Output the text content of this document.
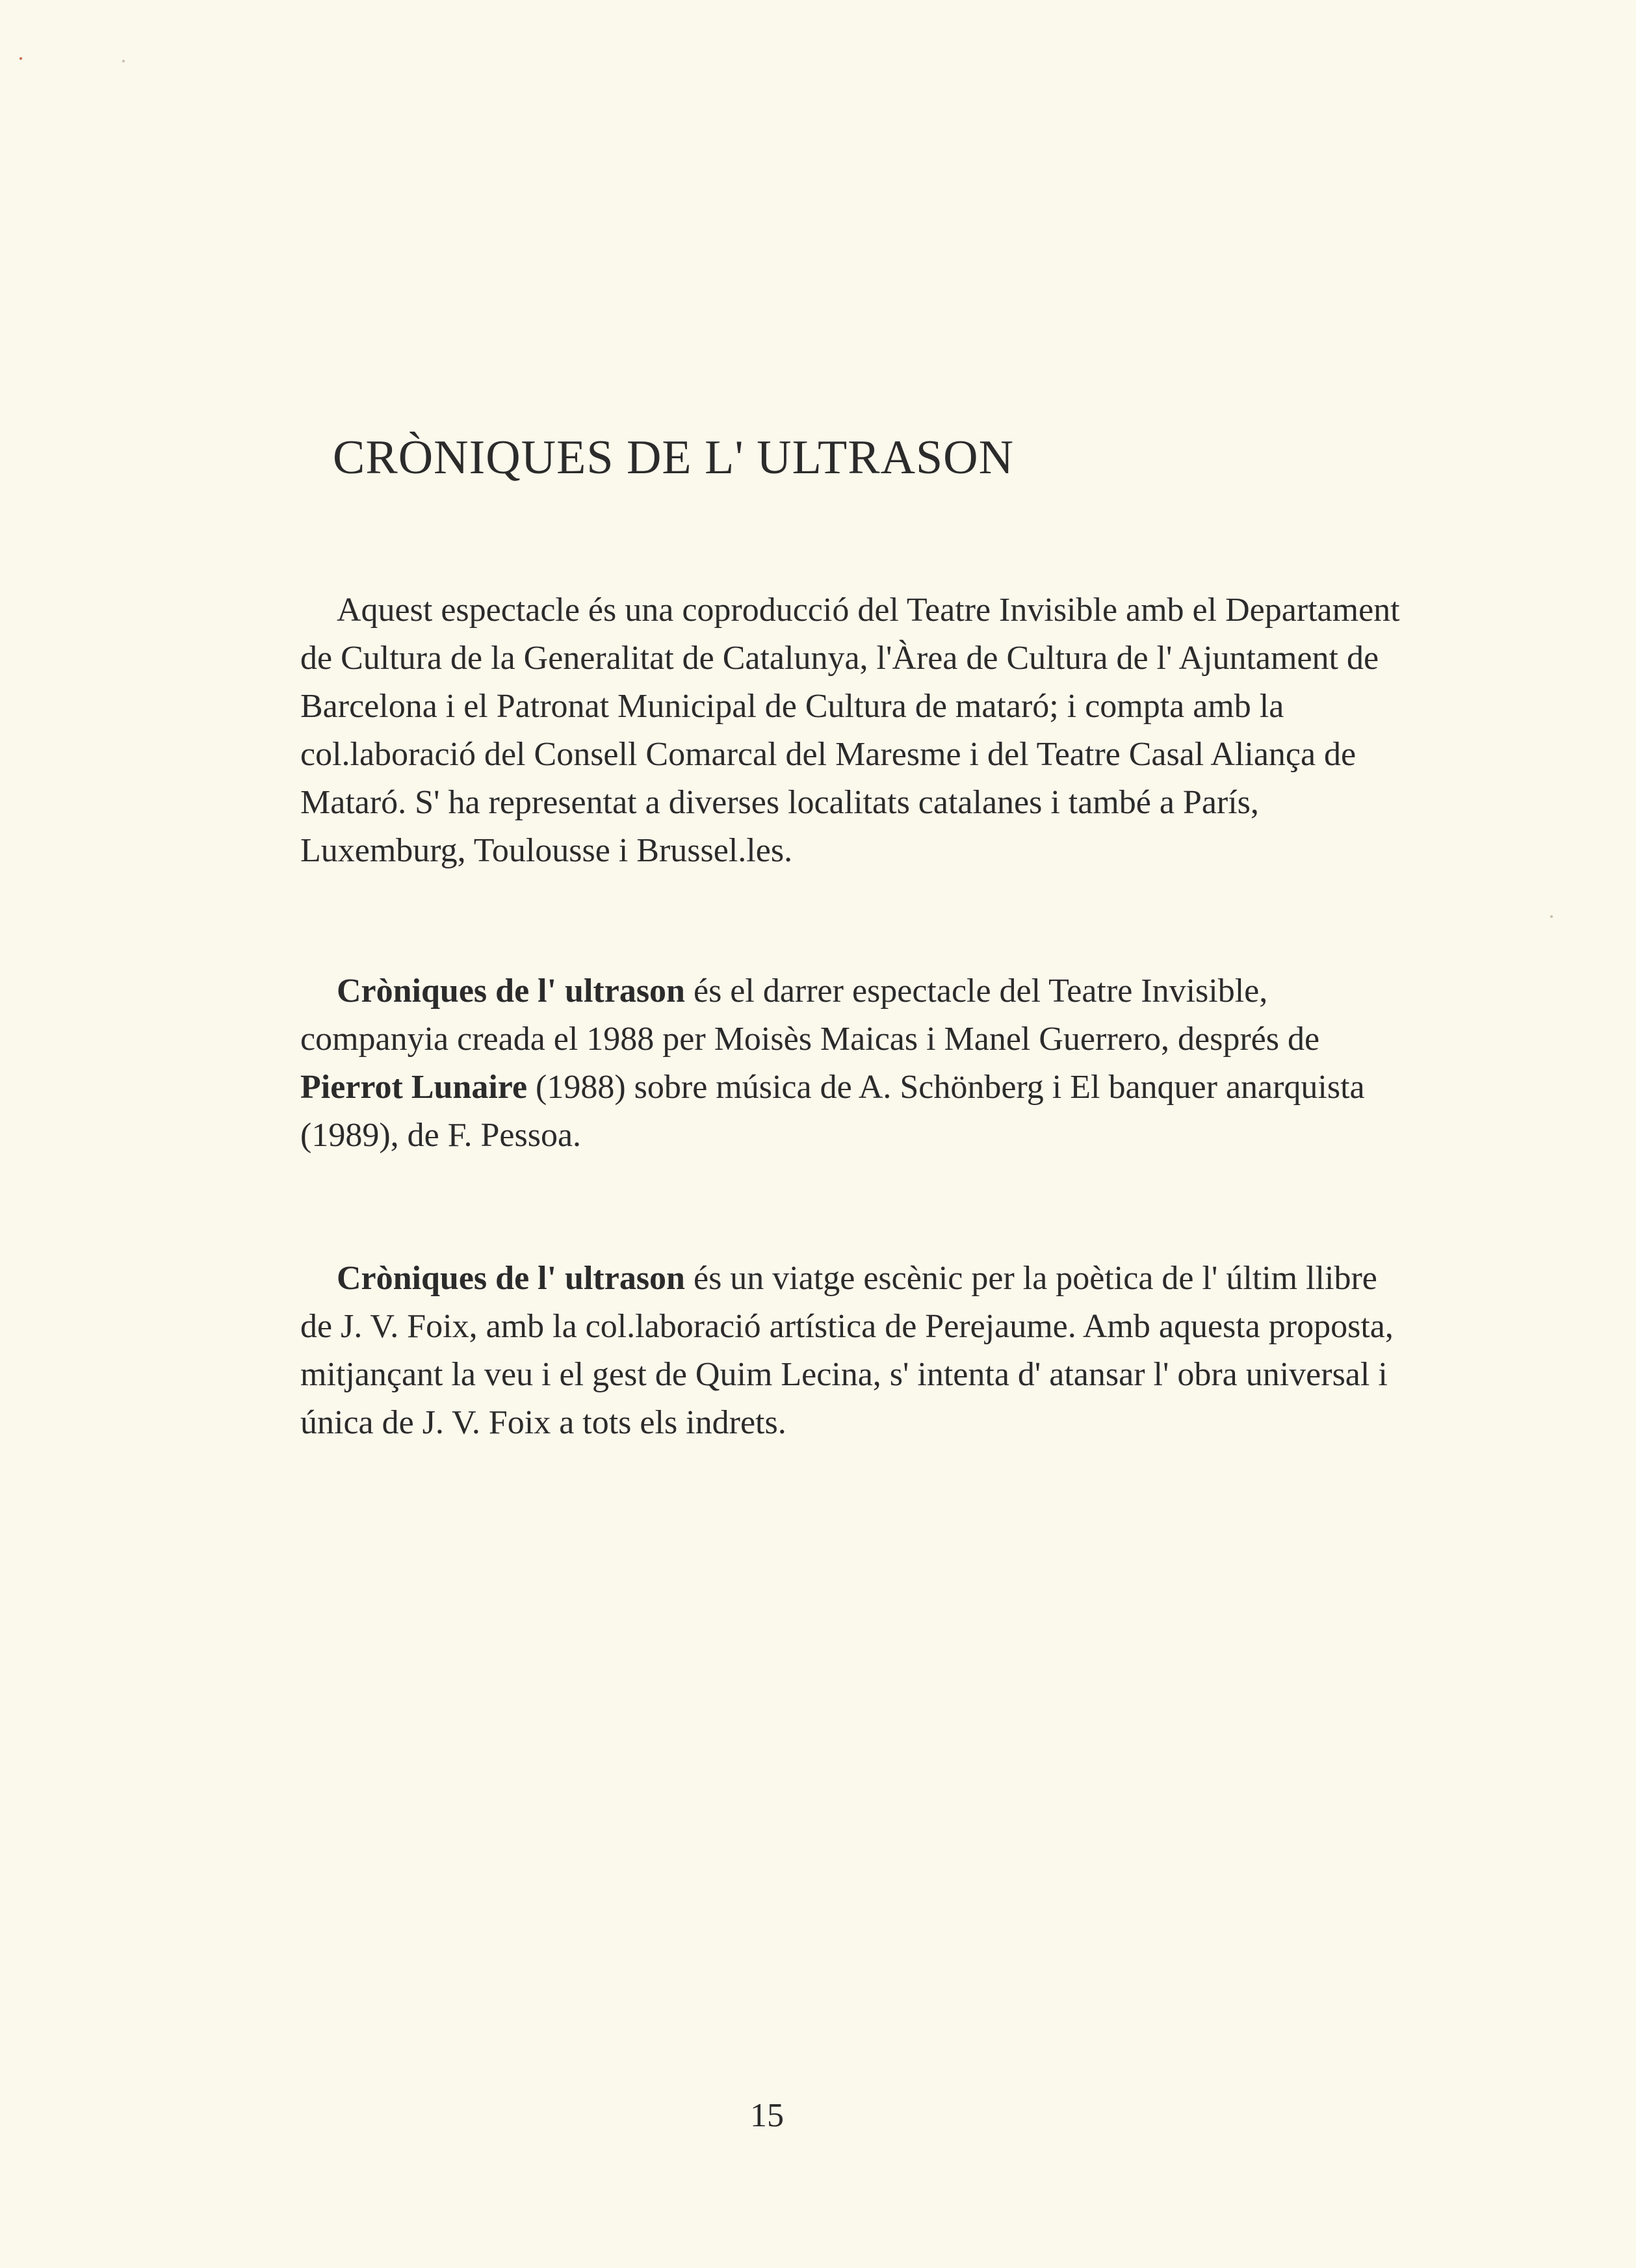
CRÒNIQUES DE L' ULTRASON

Aquest espectacle és una coproducció del Teatre Invisible amb el Departament de Cultura de la Generalitat de Catalunya, l'Àrea de Cultura de l' Ajuntament de Barcelona i el Patronat Municipal de Cultura de mataró; i compta amb la col.laboració del Consell Comarcal del Maresme i del Teatre Casal Aliança de Mataró. S' ha representat a diverses localitats catalanes i també a París, Luxemburg, Toulousse i Brussel.les.

Cròniques de l' ultrason és el darrer espectacle del Teatre Invisible, companyia creada el 1988 per Moisès Maicas i Manel Guerrero, després de Pierrot Lunaire (1988) sobre música de A. Schönberg i El banquer anarquista (1989), de F. Pessoa.

Cròniques de l' ultrason és un viatge escènic per la poètica de l' últim llibre de J. V. Foix, amb la col.laboració artística de Perejaume. Amb aquesta proposta, mitjançant la veu i el gest de Quim Lecina, s' intenta d' atansar l' obra universal i única de J. V. Foix a tots els indrets.

15
